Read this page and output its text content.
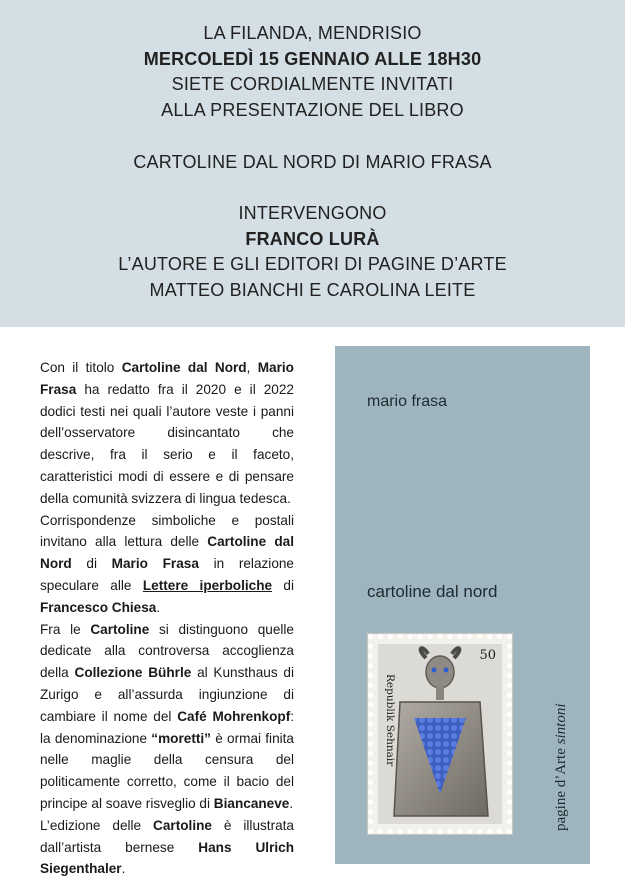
LA FILANDA, MENDRISIO
MERCOLEDÌ 15 GENNAIO ALLE 18H30
SIETE CORDIALMENTE INVITATI
ALLA PRESENTAZIONE DEL LIBRO
CARTOLINE DAL NORD DI MARIO FRASA
INTERVENGONO
FRANCO LURÀ
L’AUTORE E GLI EDITORI DI PAGINE D’ARTE
MATTEO BIANCHI E CAROLINA LEITE

Con il titolo Cartoline dal Nord, Mario Frasa ha redatto fra il 2020 e il 2022 dodici testi nei quali l’autore veste i panni dell’osservatore disincantato che descrive, fra il serio e il faceto, caratteristici modi di essere e di pensare della comunità svizzera di lingua tedesca.

Corrispondenze simboliche e postali invitano alla lettura delle Cartoline dal Nord di Mario Frasa in relazione speculare alle Lettere iperboliche di Francesco Chiesa.

Fra le Cartoline si distinguono quelle dedicate alla controversa accoglienza della Collezione Bührle al Kunsthaus di Zurigo e all’assurda ingiunzione di cambiare il nome del Café Mohrenkopf: la denominazione “moretti” è ormai finita nelle maglie della censura del politicamente corretto, come il bacio del principe al soave risveglio di Biancaneve.

L’edizione delle Cartoline è illustrata dall’artista bernese Hans Ulrich Siegenthaler.

mario frasa
cartoline dal nord
50
Republik Sehnair
pagine d’Arte sintoni
